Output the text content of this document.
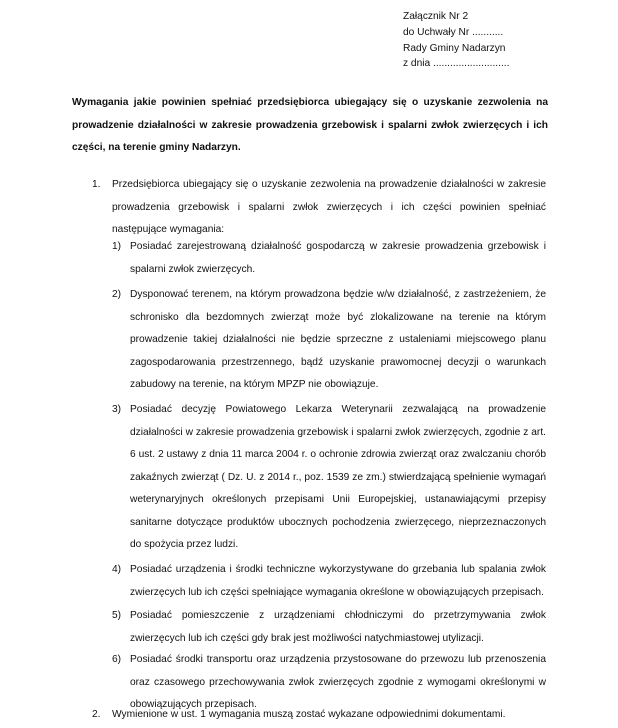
Załącznik Nr 2
do Uchwały Nr ...........
Rady Gminy Nadarzyn
z dnia ...........................
Wymagania jakie powinien spełniać przedsiębiorca ubiegający się o uzyskanie zezwolenia na prowadzenie działalności w zakresie prowadzenia grzebowisk i spalarni zwłok zwierzęcych i ich części, na terenie gminy Nadarzyn.
1. Przedsiębiorca ubiegający się o uzyskanie zezwolenia na prowadzenie działalności w zakresie prowadzenia grzebowisk i spalarni zwłok zwierzęcych i ich części powinien spełniać następujące wymagania:
1) Posiadać zarejestrowaną działalność gospodarczą w zakresie prowadzenia grzebowisk i spalarni zwłok zwierzęcych.
2) Dysponować terenem, na którym prowadzona będzie w/w działalność, z zastrzeżeniem, że schronisko dla bezdomnych zwierząt może być zlokalizowane na terenie na którym prowadzenie takiej działalności nie będzie sprzeczne z ustaleniami miejscowego planu zagospodarowania przestrzennego, bądź uzyskanie prawomocnej decyzji o warunkach zabudowy na terenie, na którym MPZP nie obowiązuje.
3) Posiadać decyzję Powiatowego Lekarza Weterynarii zezwalającą na prowadzenie działalności w zakresie prowadzenia grzebowisk i spalarni zwłok zwierzęcych, zgodnie z art. 6 ust. 2 ustawy z dnia 11 marca 2004 r. o ochronie zdrowia zwierząt oraz zwalczaniu chorób zakaźnych zwierząt ( Dz. U. z 2014 r., poz. 1539 ze zm.) stwierdzającą spełnienie wymagań weterynaryjnych określonych przepisami Unii Europejskiej, ustanawiającymi przepisy sanitarne dotyczące produktów ubocznych pochodzenia zwierzęcego, nieprzeznaczonych do spożycia przez ludzi.
4) Posiadać urządzenia i środki techniczne wykorzystywane do grzebania lub spalania zwłok zwierzęcych lub ich części spełniające wymagania określone w obowiązujących przepisach.
5) Posiadać pomieszczenie z urządzeniami chłodniczymi do przetrzymywania zwłok zwierzęcych lub ich części gdy brak jest możliwości natychmiastowej utylizacji.
6) Posiadać środki transportu oraz urządzenia przystosowane do przewozu lub przenoszenia oraz czasowego przechowywania zwłok zwierzęcych zgodnie z wymogami określonymi w obowiązujących przepisach.
2. Wymienione w ust. 1 wymagania muszą zostać wykazane odpowiednimi dokumentami.
